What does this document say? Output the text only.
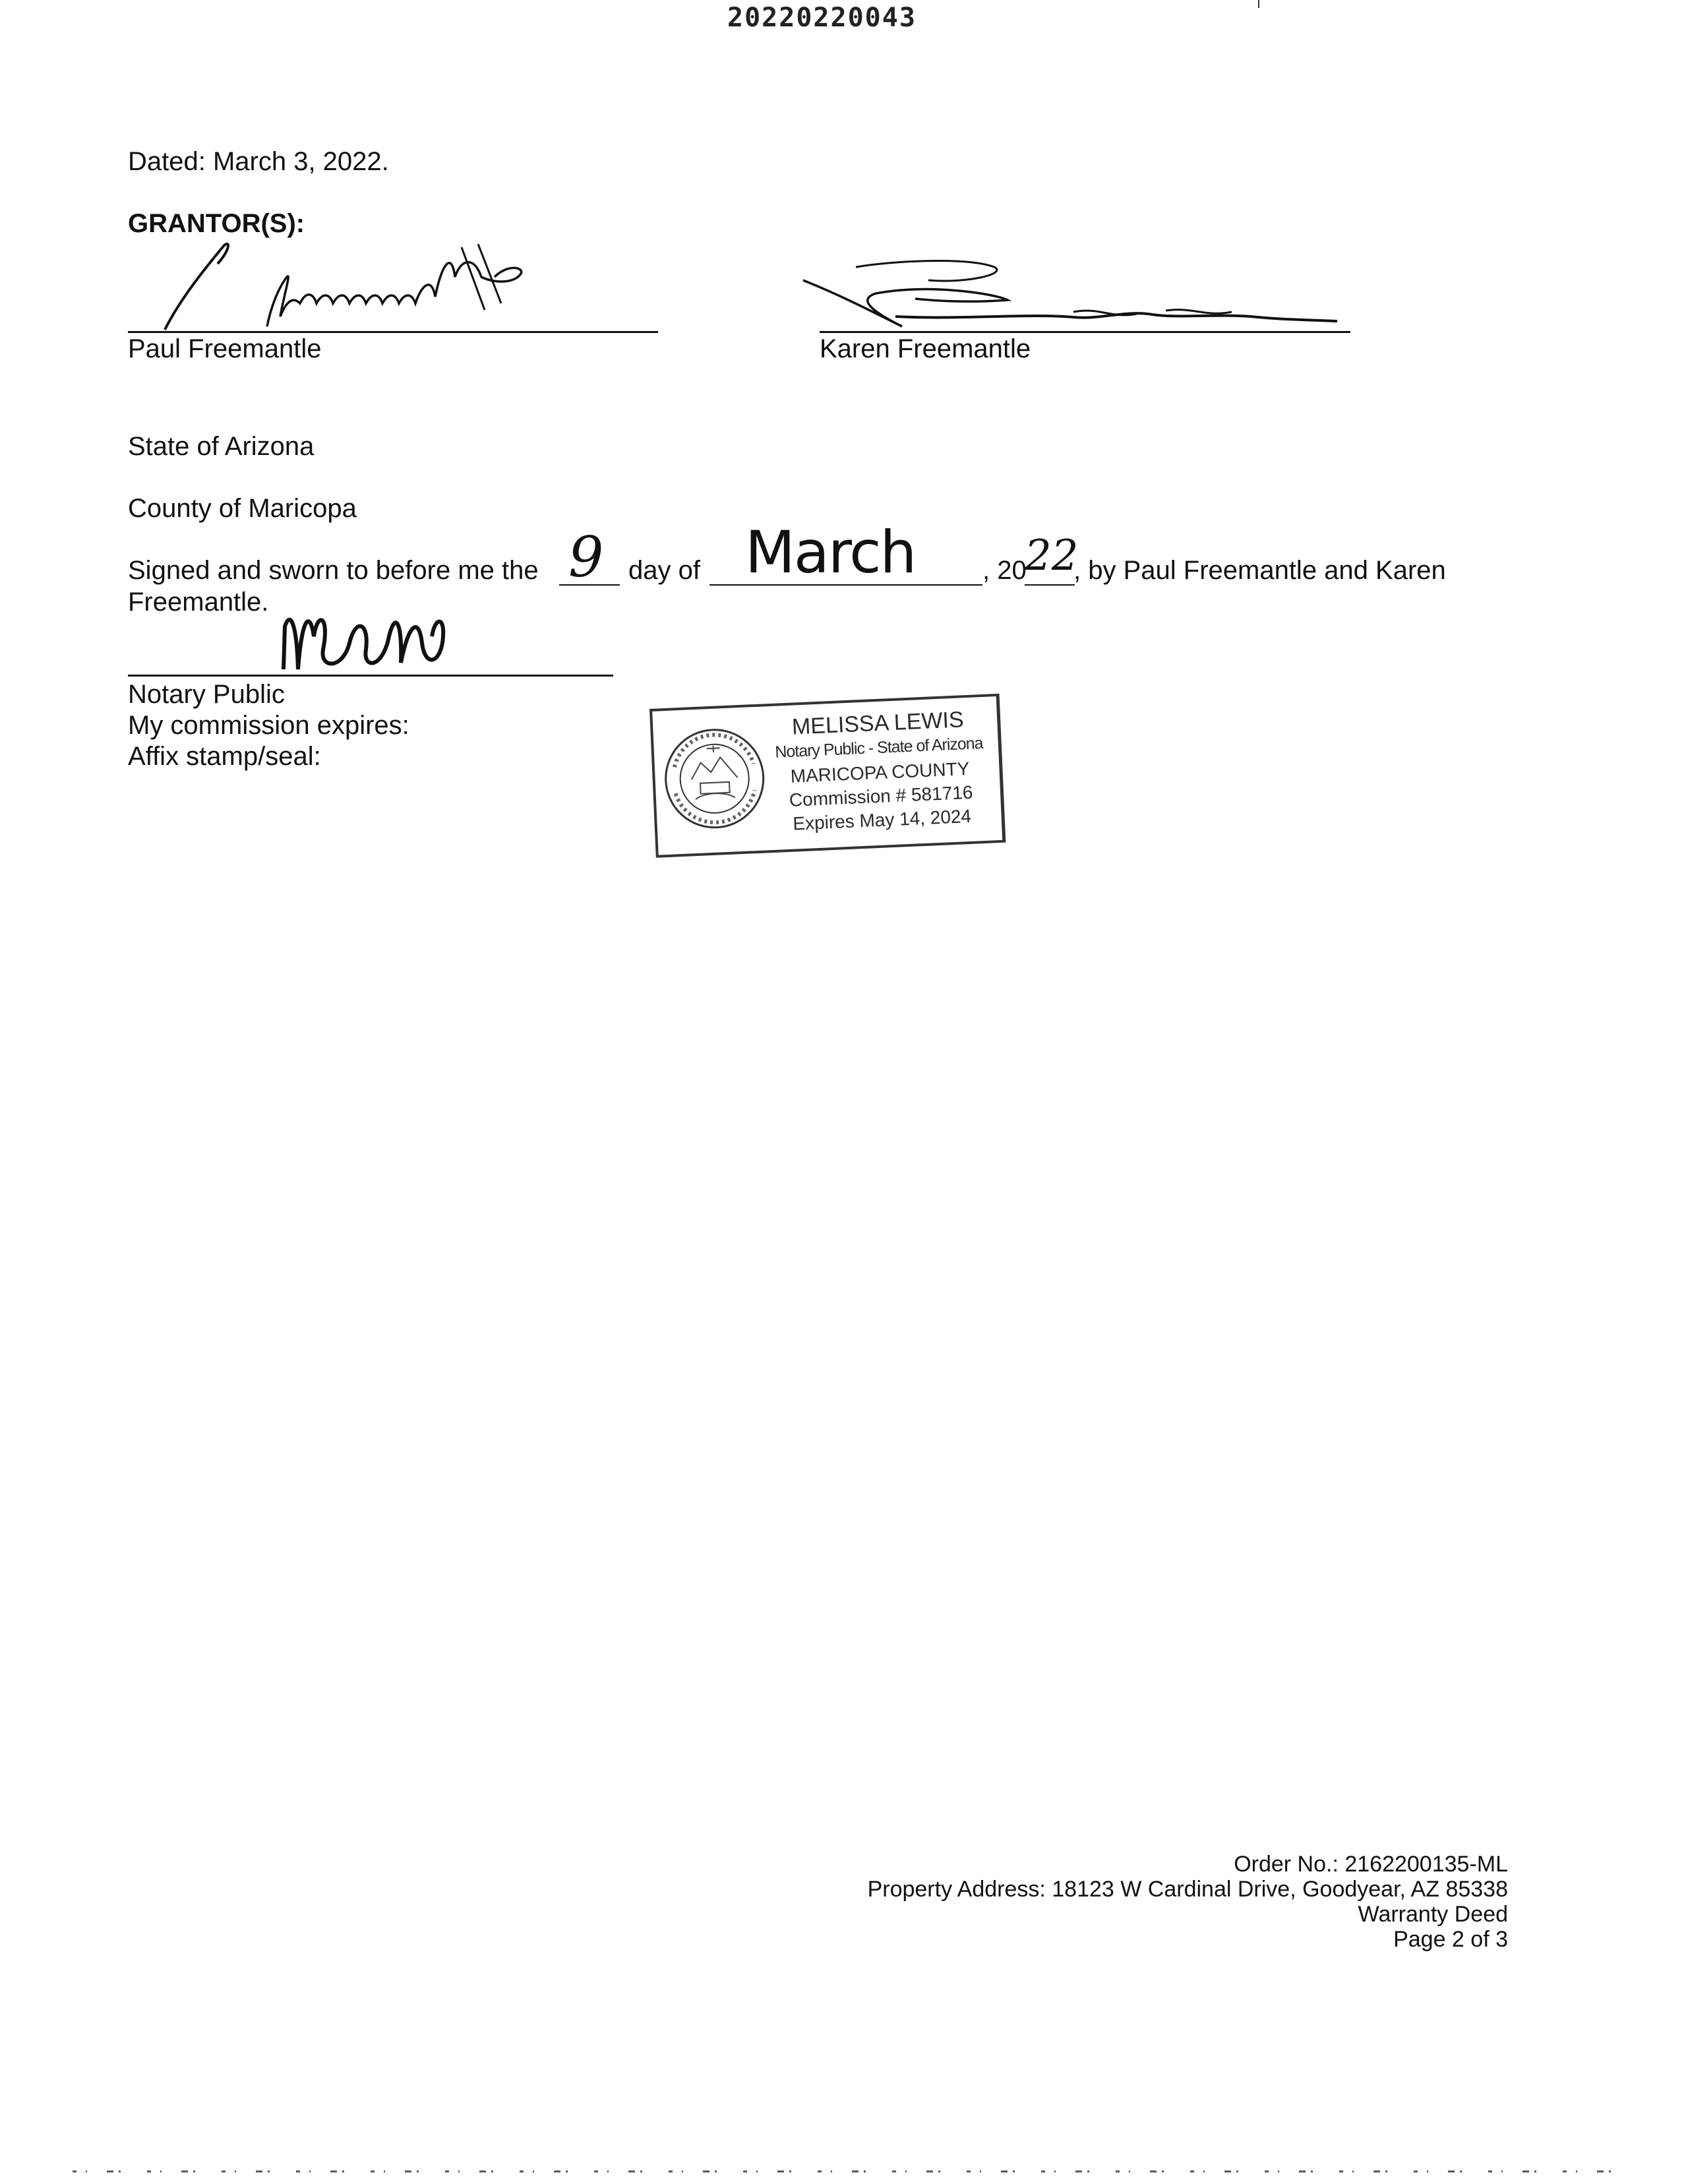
20220220043
Dated: March 3, 2022.
GRANTOR(S):
Paul Freemantle	Karen Freemantle
State of Arizona
County of Maricopa
Signed and sworn to before me the 9 day of March	, 20
22
, by Paul Freemantle and Karen
Freemantle.
Notary Public
My commission expires:
Affix stamp/seal:
MELISSA LEWIS
Notary Public - State of Arizona
MARICOPA COUNTY
Commission # 581716
Expires May 14, 2024
Order No.: 2162200135-ML
Property Address: 18123 W Cardinal Drive, Goodyear, AZ 85338
Warranty Deed
Page 2 of 3
